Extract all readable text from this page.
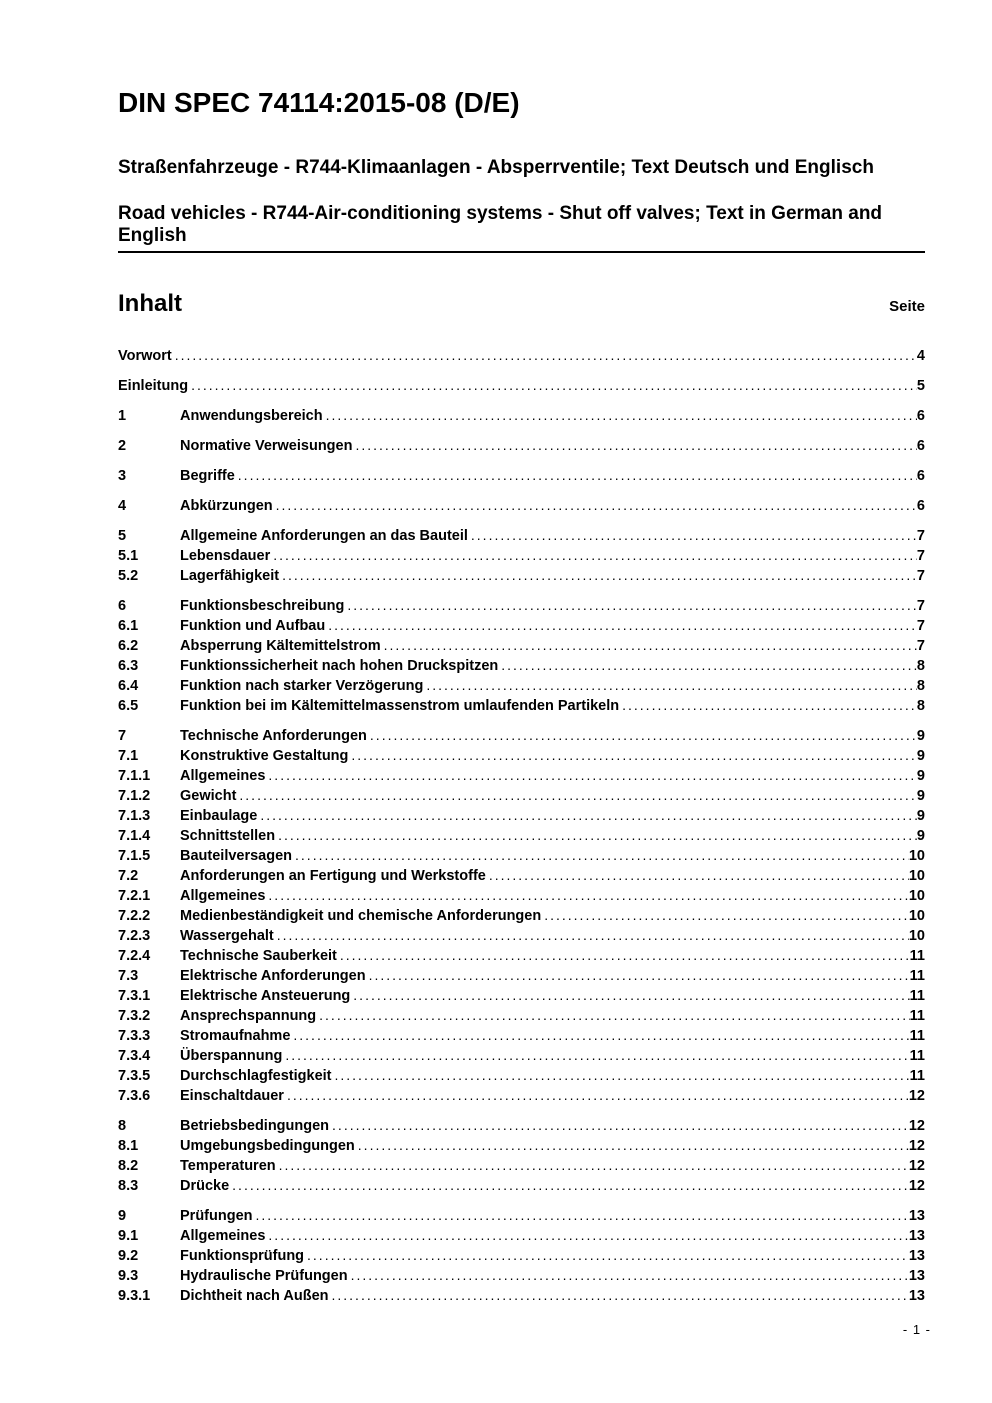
DIN SPEC 74114:2015-08 (D/E)

Straßenfahrzeuge - R744-Klimaanlagen - Absperrventile; Text Deutsch und Englisch

Road vehicles - R744-Air-conditioning systems - Shut off valves; Text in German and English

Inhalt	Seite
Vorwort .....	4
Einleitung .....	5
1	Anwendungsbereich .....	6
2	Normative Verweisungen .....	6
3	Begriffe .....	6
4	Abkürzungen .....	6
5	Allgemeine Anforderungen an das Bauteil .....	7
5.1	Lebensdauer .....	7
5.2	Lagerfähigkeit .....	7
6	Funktionsbeschreibung .....	7
6.1	Funktion und Aufbau .....	7
6.2	Absperrung Kältemittelstrom .....	7
6.3	Funktionssicherheit nach hohen Druckspitzen .....	8
6.4	Funktion nach starker Verzögerung .....	8
6.5	Funktion bei im Kältemittelmassenstrom umlaufenden Partikeln .....	8
7	Technische Anforderungen .....	9
7.1	Konstruktive Gestaltung .....	9
7.1.1	Allgemeines .....	9
7.1.2	Gewicht .....	9
7.1.3	Einbaulage .....	9
7.1.4	Schnittstellen .....	9
7.1.5	Bauteilversagen .....	10
7.2	Anforderungen an Fertigung und Werkstoffe .....	10
7.2.1	Allgemeines .....	10
7.2.2	Medienbeständigkeit und chemische Anforderungen .....	10
7.2.3	Wassergehalt .....	10
7.2.4	Technische Sauberkeit .....	11
7.3	Elektrische Anforderungen .....	11
7.3.1	Elektrische Ansteuerung .....	11
7.3.2	Ansprechspannung .....	11
7.3.3	Stromaufnahme .....	11
7.3.4	Überspannung .....	11
7.3.5	Durchschlagfestigkeit .....	11
7.3.6	Einschaltdauer .....	12
8	Betriebsbedingungen .....	12
8.1	Umgebungsbedingungen .....	12
8.2	Temperaturen .....	12
8.3	Drücke .....	12
9	Prüfungen .....	13
9.1	Allgemeines .....	13
9.2	Funktionsprüfung .....	13
9.3	Hydraulische Prüfungen .....	13
9.3.1	Dichtheit nach Außen .....	13
- 1 -
